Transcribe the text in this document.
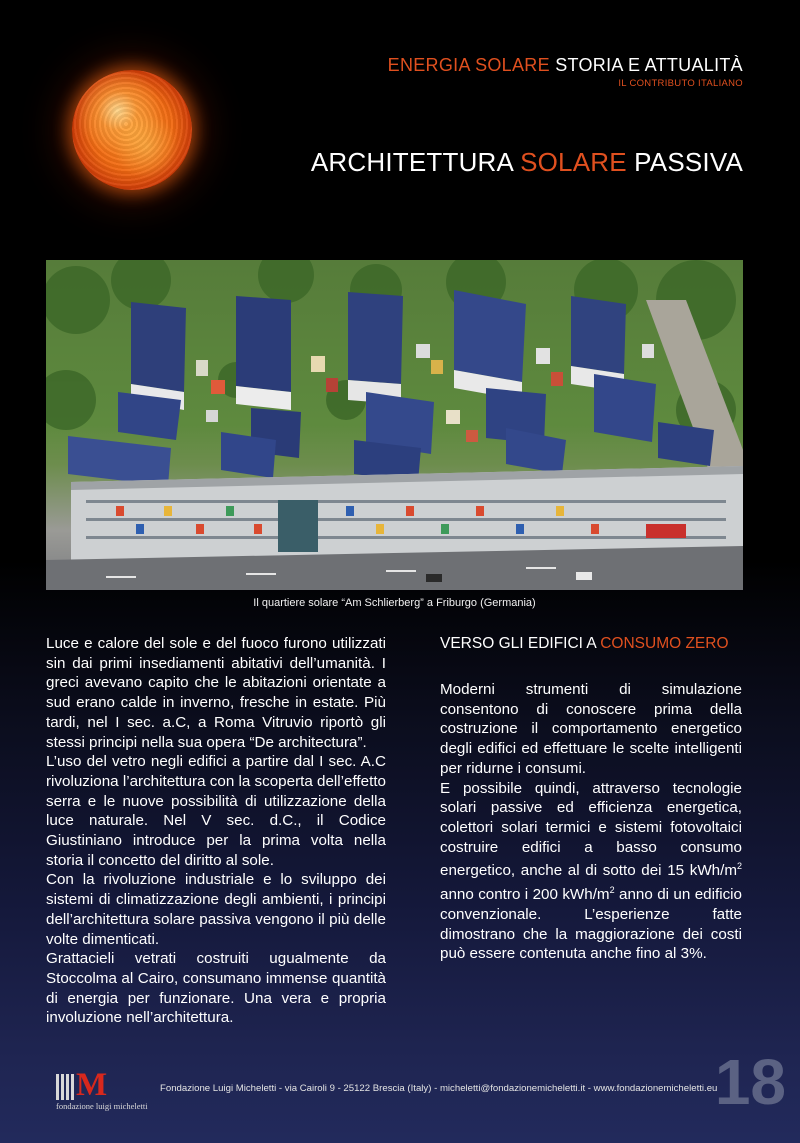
ENERGIA SOLARE STORIA E ATTUALITÀ

IL CONTRIBUTO ITALIANO

ARCHITETTURA SOLARE PASSIVA

Il quartiere solare “Am Schlierberg” a Friburgo (Germania)

Luce e calore del sole e del fuoco furono utilizzati sin dai primi insediamenti abitativi dell’umanità. I greci avevano capito che le abitazioni orientate a sud erano calde in inverno, fresche in estate. Più tardi, nel I sec. a.C, a Roma Vitruvio riportò gli stessi principi nella sua opera “De architectura”.

L’uso del vetro negli edifici a partire dal I sec. A.C rivoluziona l’architettura con la scoperta dell’effetto serra e le nuove possibilità di utilizzazione della luce naturale. Nel V sec. d.C., il Codice Giustiniano introduce per la prima volta nella storia il concetto del diritto al sole.

Con la rivoluzione industriale e lo sviluppo dei sistemi di climatizzazione degli ambienti, i principi dell’architettura solare passiva vengono il più delle volte dimenticati.

Grattacieli vetrati costruiti ugualmente da Stoccolma al Cairo, consumano immense quantità di energia per funzionare. Una vera e propria involuzione nell’architettura.

VERSO GLI EDIFICI A CONSUMO ZERO

Moderni strumenti di simulazione consentono di conoscere prima della costruzione il comportamento energetico degli edifici ed effettuare le scelte intelligenti per ridurne i consumi.

E possibile quindi, attraverso tecnologie solari passive ed efficienza energetica, colettori solari termici e sistemi fotovoltaici costruire edifici a basso consumo energetico, anche al di sotto dei 15 kWh/$m^2$ anno contro i 200 kWh/$m^2$ anno di un edificio convenzionale. L’esperienze fatte dimostrano che la maggiorazione dei costi può essere contenuta anche fino al 3%.

M
fondazione luigi micheletti

Fondazione Luigi Micheletti - via Cairoli 9 - 25122 Brescia (Italy) - micheletti@fondazionemicheletti.it - www.fondazionemicheletti.eu

18
